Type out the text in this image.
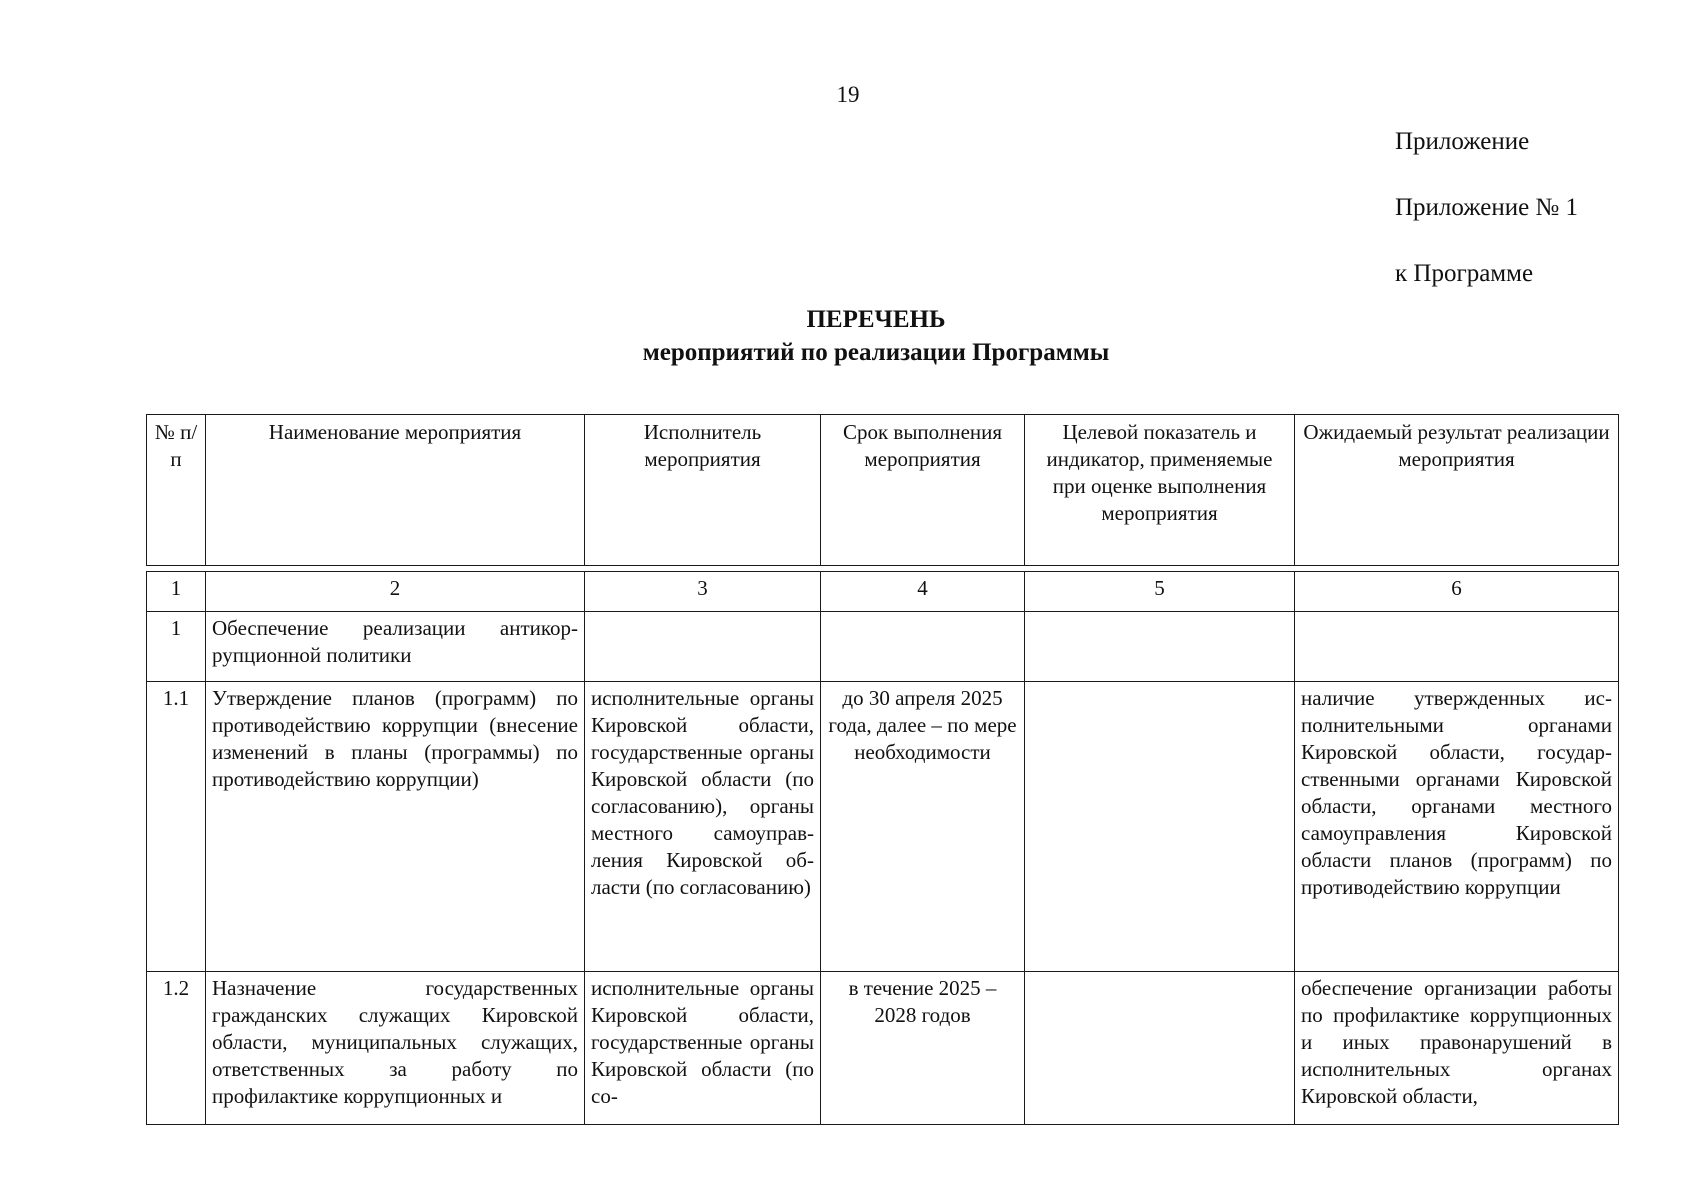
19
Приложение
Приложение № 1
к Программе
ПЕРЕЧЕНЬ
мероприятий по реализации Программы
№ п/п	Наименование мероприятия	Исполнитель мероприятия	Срок выполнения мероприятия	Целевой показатель и индикатор, применяемые при оценке выполнения мероприятия	Ожидаемый результат реализации мероприятия
1	2	3	4	5	6
1	Обеспечение реализации антикоррупционной политики				
1.1	Утверждение планов (программ) по противодействию коррупции (внесение изменений в планы (программы) по противодействию коррупции)	исполнительные органы Кировской области, государственные органы Кировской области (по согласованию), органы местного самоуправления Кировской области (по согласованию)	до 30 апреля 2025 года, далее – по мере необходимости		наличие утвержденных исполнительными органами Кировской области, государственными органами Кировской области, органами местного самоуправления Кировской области планов (программ) по противодействию коррупции
1.2	Назначение государственных гражданских служащих Кировской области, муниципальных служащих, ответственных за работу по профилактике коррупционных и	исполнительные органы Кировской области, государственные органы Кировской области (по со-	в течение 2025 – 2028 годов		обеспечение организации работы по профилактике коррупционных и иных правонарушений в исполнительных органах Кировской области,
